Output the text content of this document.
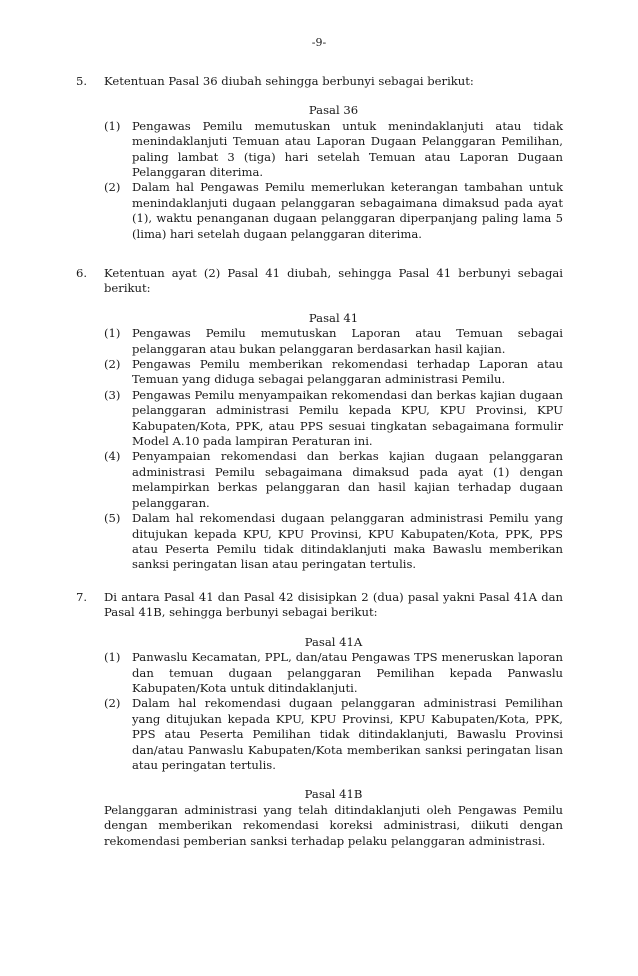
-9-
5. Ketentuan Pasal 36 diubah sehingga berbunyi sebagai berikut:
Pasal 36
(1) Pengawas Pemilu memutuskan untuk menindaklanjuti atau tidak menindaklanjuti Temuan atau Laporan Dugaan Pelanggaran Pemilihan, paling lambat 3 (tiga) hari setelah Temuan atau Laporan Dugaan Pelanggaran diterima.
(2) Dalam hal Pengawas Pemilu memerlukan keterangan tambahan untuk menindaklanjuti dugaan pelanggaran sebagaimana dimaksud pada ayat (1), waktu penanganan dugaan pelanggaran diperpanjang paling lama 5 (lima) hari setelah dugaan pelanggaran diterima.
6. Ketentuan ayat (2) Pasal 41 diubah, sehingga Pasal 41 berbunyi sebagai berikut:
Pasal 41
(1) Pengawas Pemilu memutuskan Laporan atau Temuan sebagai pelanggaran atau bukan pelanggaran berdasarkan hasil kajian.
(2) Pengawas Pemilu memberikan rekomendasi terhadap Laporan atau Temuan yang diduga sebagai pelanggaran administrasi Pemilu.
(3) Pengawas Pemilu menyampaikan rekomendasi dan berkas kajian dugaan pelanggaran administrasi Pemilu kepada KPU, KPU Provinsi, KPU Kabupaten/Kota, PPK, atau PPS sesuai tingkatan sebagaimana formulir Model A.10 pada lampiran Peraturan ini.
(4) Penyampaian rekomendasi dan berkas kajian dugaan pelanggaran administrasi Pemilu sebagaimana dimaksud pada ayat (1) dengan melampirkan berkas pelanggaran dan hasil kajian terhadap dugaan pelanggaran.
(5) Dalam hal rekomendasi dugaan pelanggaran administrasi Pemilu yang ditujukan kepada KPU, KPU Provinsi, KPU Kabupaten/Kota, PPK, PPS atau Peserta Pemilu tidak ditindaklanjuti maka Bawaslu memberikan sanksi peringatan lisan atau peringatan tertulis.
7. Di antara Pasal 41 dan Pasal 42 disisipkan 2 (dua) pasal yakni Pasal 41A dan Pasal 41B, sehingga berbunyi sebagai berikut:
Pasal 41A
(1) Panwaslu Kecamatan, PPL, dan/atau Pengawas TPS meneruskan laporan dan temuan dugaan pelanggaran Pemilihan kepada Panwaslu Kabupaten/Kota untuk ditindaklanjuti.
(2) Dalam hal rekomendasi dugaan pelanggaran administrasi Pemilihan yang ditujukan kepada KPU, KPU Provinsi, KPU Kabupaten/Kota, PPK, PPS atau Peserta Pemilihan tidak ditindaklanjuti, Bawaslu Provinsi dan/atau Panwaslu Kabupaten/Kota memberikan sanksi peringatan lisan atau peringatan tertulis.
Pasal 41B
Pelanggaran administrasi yang telah ditindaklanjuti oleh Pengawas Pemilu dengan memberikan rekomendasi koreksi administrasi, diikuti dengan rekomendasi pemberian sanksi terhadap pelaku pelanggaran administrasi.
